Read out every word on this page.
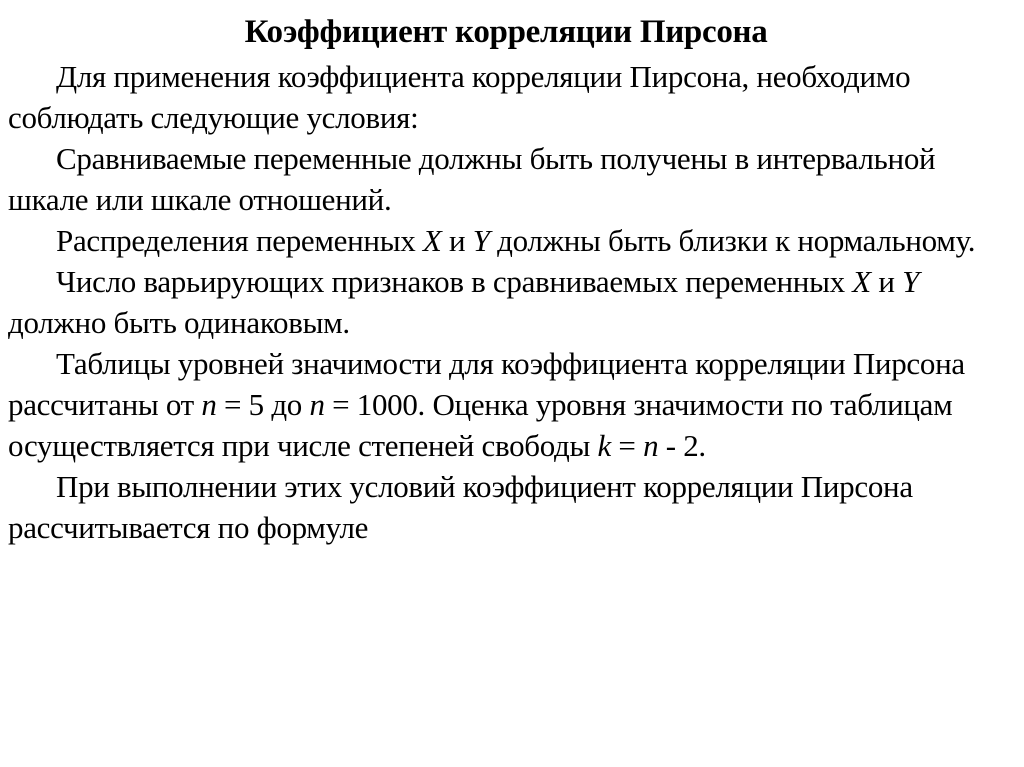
Коэффициент корреляции Пирсона

Для применения коэффициента корреляции Пирсона, необходимо соблюдать следующие условия:

Сравниваемые переменные должны быть получены в интервальной шкале или шкале отношений.

Распределения переменных X и Y должны быть близки к нормальному.

Число варьирующих признаков в сравниваемых переменных X и Y должно быть одинаковым.

Таблицы уровней значимости для коэффициента корреляции Пирсона рассчитаны от n = 5 до n = 1000. Оценка уровня значимости по таблицам осуществляется при числе степеней свободы k = n - 2.

При выполнении этих условий коэффициент корреляции Пирсона рассчитывается по формуле
